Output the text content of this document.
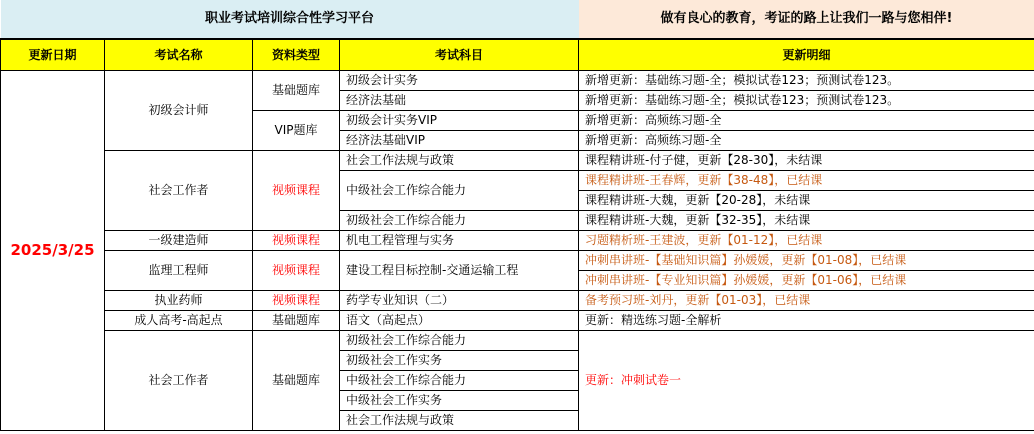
职业考试培训综合性学习平台				做有良心的教育，考证的路上让我们一路与您相伴!
更新日期	考试名称	资料类型	考试科目	更新明细
2025/3/25	初级会计师	基础题库	初级会计实务	新增更新：基础练习题-全；模拟试卷123；预测试卷123。
			经济法基础	新增更新：基础练习题-全；模拟试卷123；预测试卷123。
		VIP题库	初级会计实务VIP	新增更新：高频练习题-全
			经济法基础VIP	新增更新：高频练习题-全
	社会工作者	视频课程	社会工作法规与政策	课程精讲班-付子健，更新【28-30】，未结课
			中级社会工作综合能力	课程精讲班-王春辉，更新【38-48】，已结课
				课程精讲班-大魏，更新【20-28】，未结课
			初级社会工作综合能力	课程精讲班-大魏，更新【32-35】，未结课
	一级建造师	视频课程	机电工程管理与实务	习题精析班-王建波，更新【01-12】，已结课
	监理工程师	视频课程	建设工程目标控制-交通运输工程	冲刺串讲班-【基础知识篇】孙媛媛，更新【01-08】，已结课
				冲刺串讲班-【专业知识篇】孙媛媛，更新【01-06】，已结课
	执业药师	视频课程	药学专业知识（二）	备考预习班-刘丹，更新【01-03】，已结课
	成人高考-高起点	基础题库	语文（高起点）	更新：精选练习题-全解析
	社会工作者	基础题库	初级社会工作综合能力	更新：冲刺试卷一
			初级社会工作实务	
			中级社会工作综合能力	
			中级社会工作实务	
			社会工作法规与政策	
